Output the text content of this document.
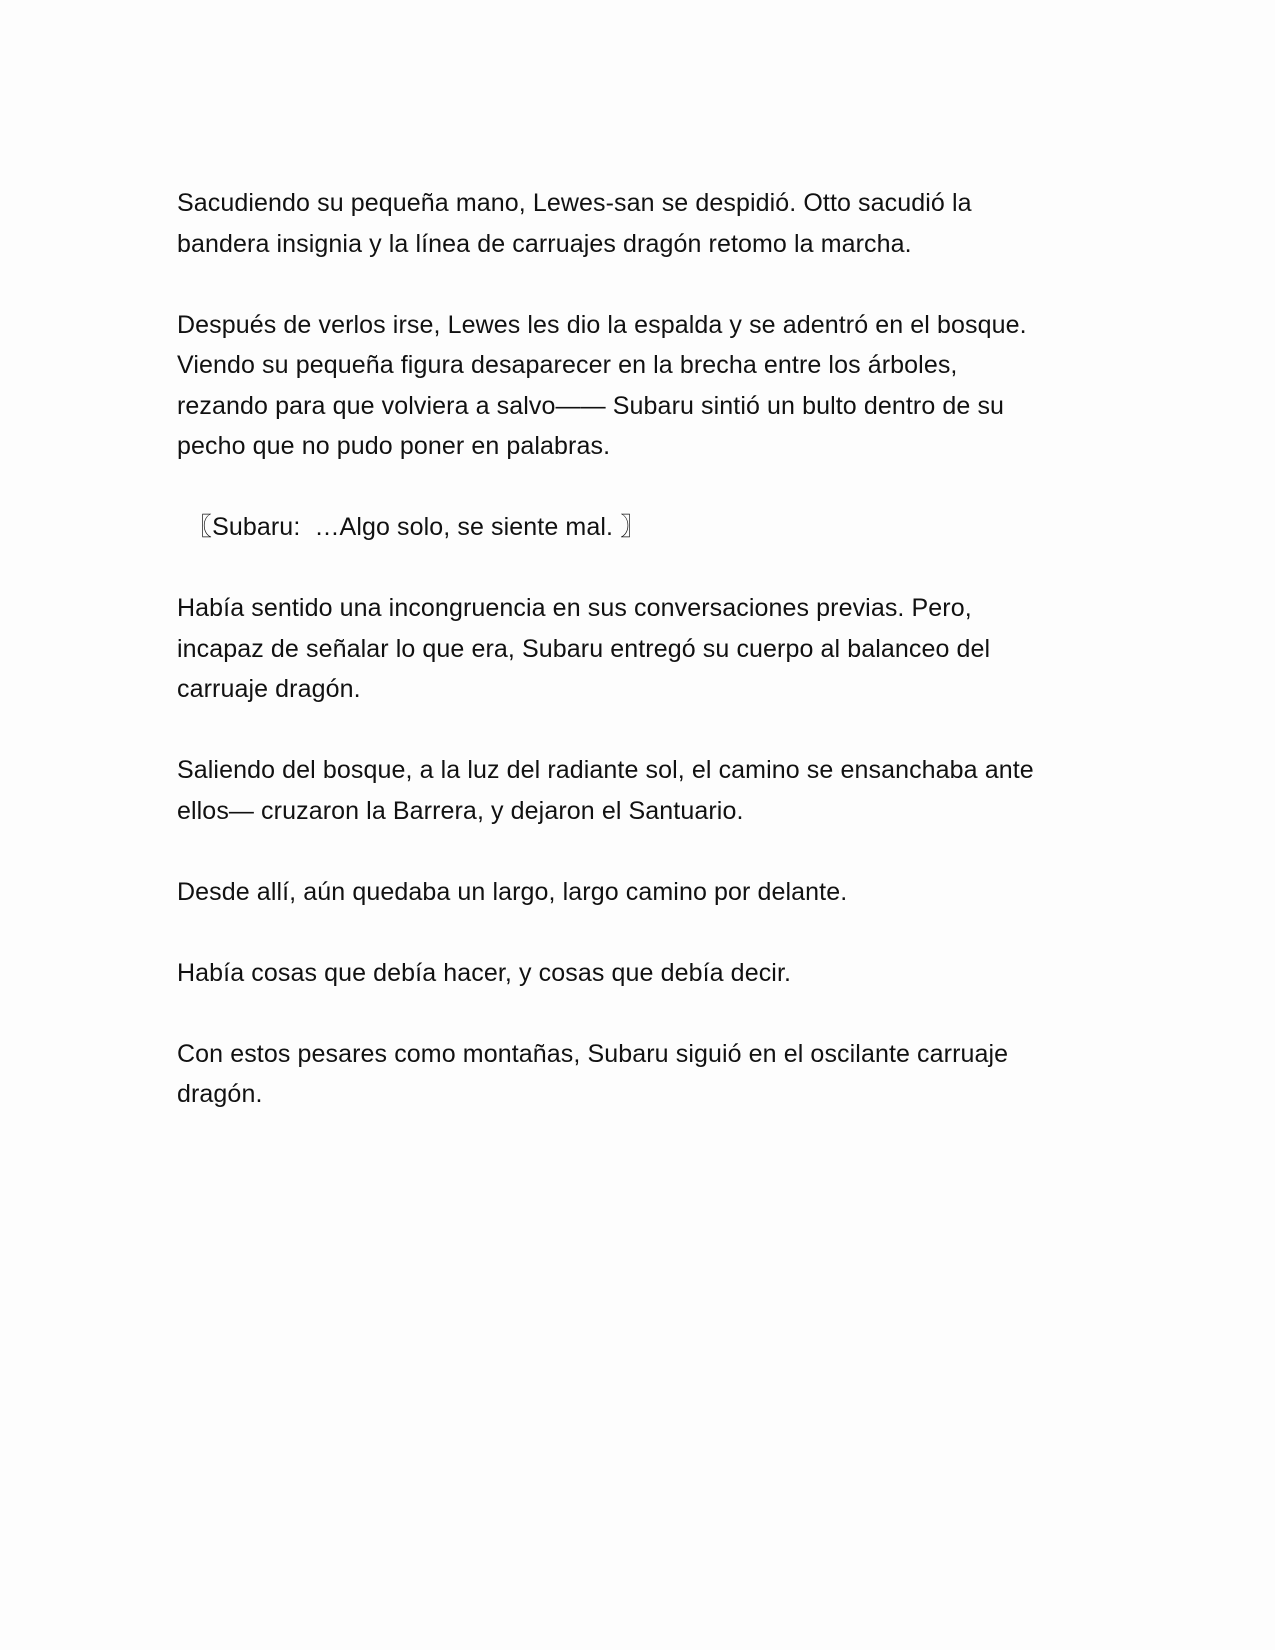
Sacudiendo su pequeña mano, Lewes-san se despidió. Otto sacudió la
bandera insignia y la línea de carruajes dragón retomo la marcha.

Después de verlos irse, Lewes les dio la espalda y se adentró en el bosque.
Viendo su pequeña figura desaparecer en la brecha entre los árboles,
rezando para que volviera a salvo—— Subaru sintió un bulto dentro de su
pecho que no pudo poner en palabras.

〖Subaru:  …Algo solo, se siente mal. 〗

Había sentido una incongruencia en sus conversaciones previas. Pero,
incapaz de señalar lo que era, Subaru entregó su cuerpo al balanceo del
carruaje dragón.

Saliendo del bosque, a la luz del radiante sol, el camino se ensanchaba ante
ellos— cruzaron la Barrera, y dejaron el Santuario.

Desde allí, aún quedaba un largo, largo camino por delante.

Había cosas que debía hacer, y cosas que debía decir.

Con estos pesares como montañas, Subaru siguió en el oscilante carruaje
dragón.
